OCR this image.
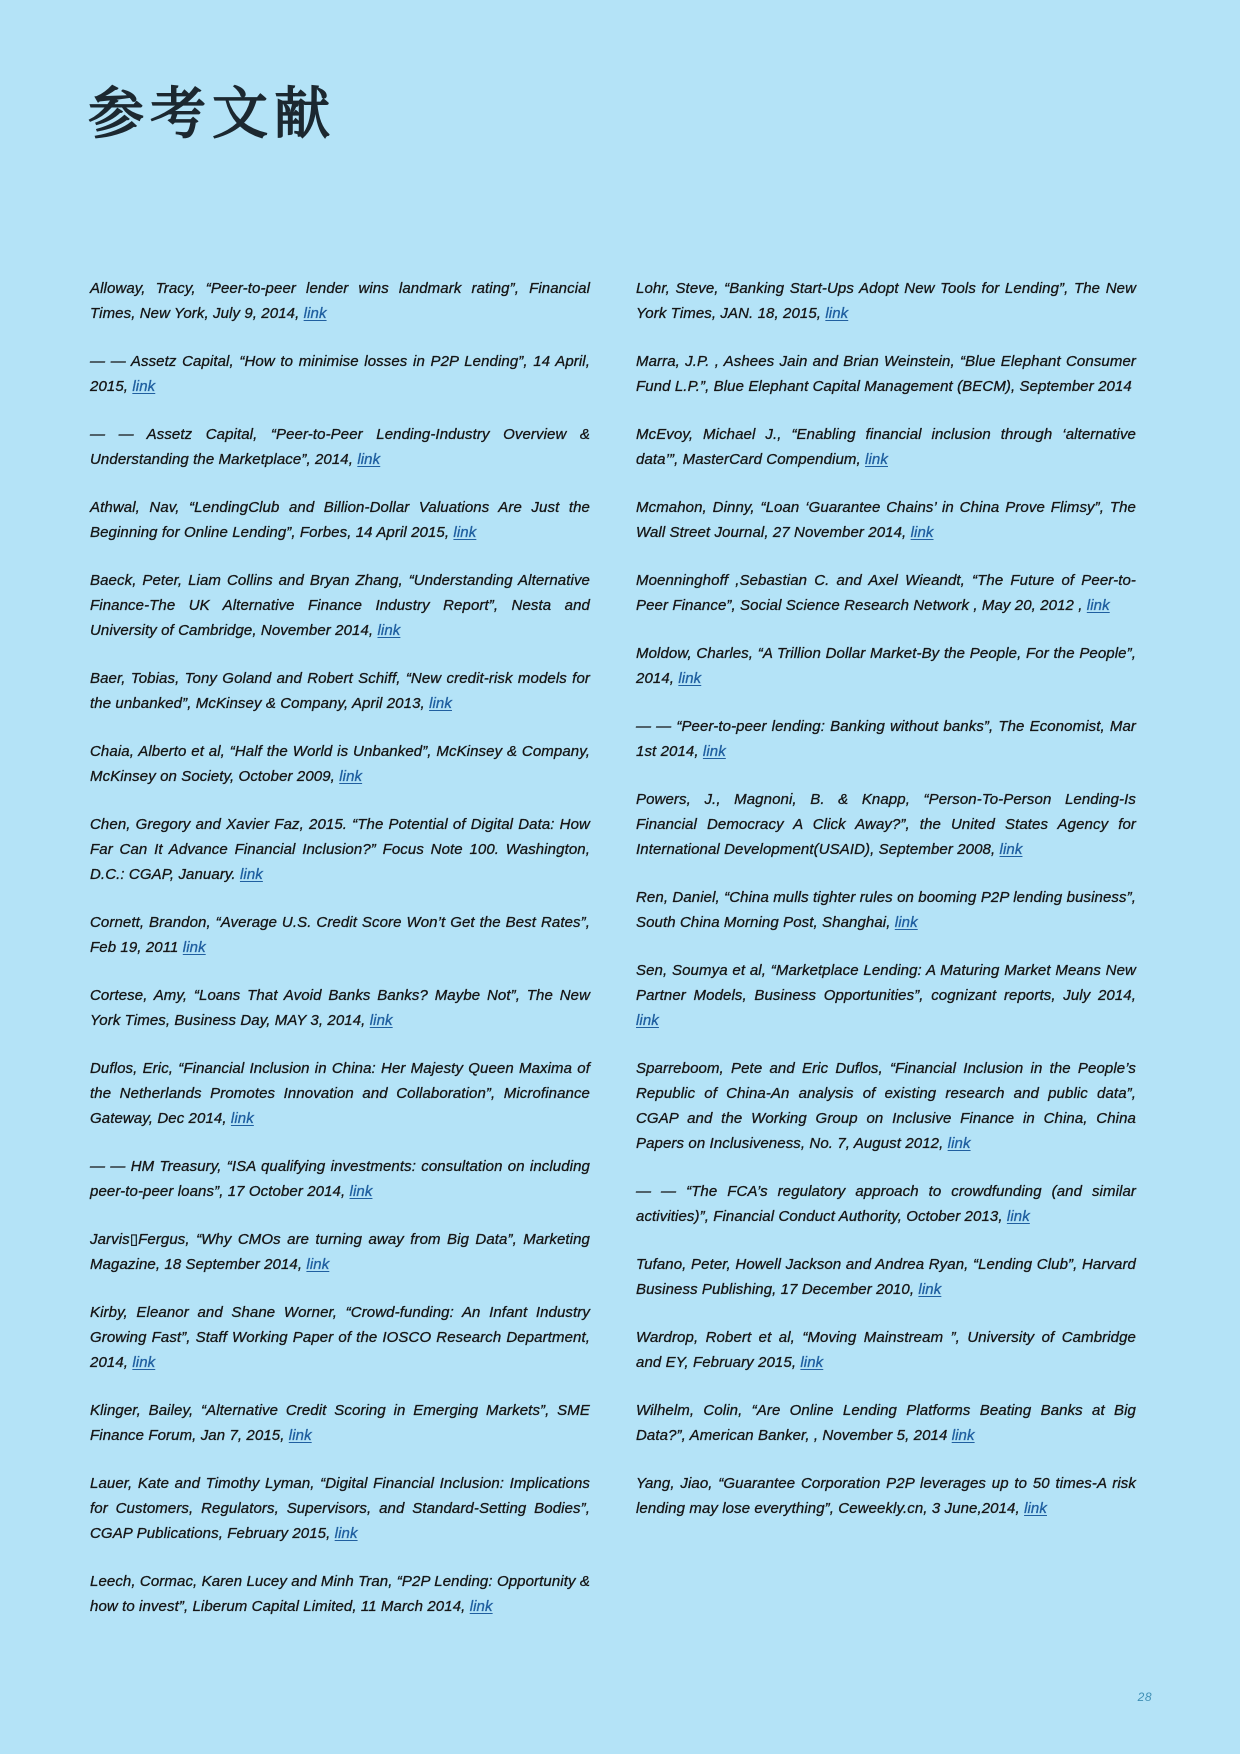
参考文献

Alloway, Tracy, “Peer-to-peer lender wins landmark rating”, Financial Times, New York, July 9, 2014, link

— — Assetz Capital, “How to minimise losses in P2P Lending”, 14 April, 2015, link

— — Assetz Capital, “Peer-to-Peer Lending-Industry Overview & Understanding the Marketplace”, 2014, link

Athwal, Nav, “LendingClub and Billion-Dollar Valuations Are Just the Beginning for Online Lending”, Forbes, 14 April 2015, link

Baeck, Peter, Liam Collins and Bryan Zhang, “Understanding Alternative Finance-The UK Alternative Finance Industry Report”, Nesta and University of Cambridge, November 2014, link

Baer, Tobias, Tony Goland and Robert Schiff, “New credit-risk models for the unbanked”, McKinsey & Company, April 2013, link

Chaia, Alberto et al, “Half the World is Unbanked”, McKinsey & Company, McKinsey on Society, October 2009, link

Chen, Gregory and Xavier Faz, 2015. “The Potential of Digital Data: How Far Can It Advance Financial Inclusion?” Focus Note 100. Washington, D.C.: CGAP, January. link

Cornett, Brandon, “Average U.S. Credit Score Won’t Get the Best Rates”, Feb 19, 2011 link

Cortese, Amy, “Loans That Avoid Banks Banks? Maybe Not”, The New York Times, Business Day, MAY 3, 2014, link

Duflos, Eric, “Financial Inclusion in China: Her Majesty Queen Maxima of the Netherlands Promotes Innovation and Collaboration”, Microfinance Gateway, Dec 2014, link

— — HM Treasury, “ISA qualifying investments: consultation on including peer-to-peer loans”, 17 October 2014, link

Jarvis▯Fergus, “Why CMOs are turning away from Big Data”, Marketing Magazine, 18 September 2014, link

Kirby, Eleanor and Shane Worner, “Crowd-funding: An Infant Industry Growing Fast”, Staff Working Paper of the IOSCO Research Department, 2014, link

Klinger, Bailey, “Alternative Credit Scoring in Emerging Markets”, SME Finance Forum, Jan 7, 2015, link

Lauer, Kate and Timothy Lyman, “Digital Financial Inclusion: Implications for Customers, Regulators, Supervisors, and Standard-Setting Bodies”, CGAP Publications, February 2015, link

Leech, Cormac, Karen Lucey and Minh Tran, “P2P Lending: Opportunity & how to invest”, Liberum Capital Limited, 11 March 2014, link

Lohr, Steve, “Banking Start-Ups Adopt New Tools for Lending”, The New York Times, JAN. 18, 2015, link

Marra, J.P. , Ashees Jain and Brian Weinstein, “Blue Elephant Consumer Fund L.P.”, Blue Elephant Capital Management (BECM), September 2014

McEvoy, Michael J., “Enabling financial inclusion through ‘alternative data’”, MasterCard Compendium, link

Mcmahon, Dinny, “Loan ‘Guarantee Chains’ in China Prove Flimsy”, The Wall Street Journal, 27 November 2014, link

Moenninghoff ,Sebastian C. and Axel Wieandt, “The Future of Peer-to-Peer Finance”, Social Science Research Network , May 20, 2012 , link

Moldow, Charles, “A Trillion Dollar Market-By the People, For the People”, 2014, link

— — “Peer-to-peer lending: Banking without banks”, The Economist, Mar 1st 2014, link

Powers, J., Magnoni, B. & Knapp, “Person-To-Person Lending-Is Financial Democracy A Click Away?”, the United States Agency for International Development(USAID), September 2008, link

Ren, Daniel, “China mulls tighter rules on booming P2P lending business”, South China Morning Post, Shanghai, link

Sen, Soumya et al, “Marketplace Lending: A Maturing Market Means New Partner Models, Business Opportunities”, cognizant reports, July 2014, link

Sparreboom, Pete and Eric Duflos, “Financial Inclusion in the People’s Republic of China-An analysis of existing research and public data”, CGAP and the Working Group on Inclusive Finance in China, China Papers on Inclusiveness, No. 7, August 2012, link

— — “The FCA’s regulatory approach to crowdfunding (and similar activities)”, Financial Conduct Authority, October 2013, link

Tufano, Peter, Howell Jackson and Andrea Ryan, “Lending Club”, Harvard Business Publishing, 17 December 2010, link

Wardrop, Robert et al, “Moving Mainstream ”, University of Cambridge and EY, February 2015, link

Wilhelm, Colin, “Are Online Lending Platforms Beating Banks at Big Data?”, American Banker, , November 5, 2014 link

Yang, Jiao, “Guarantee Corporation P2P leverages up to 50 times-A risk lending may lose everything”, Ceweekly.cn, 3 June,2014, link

28
